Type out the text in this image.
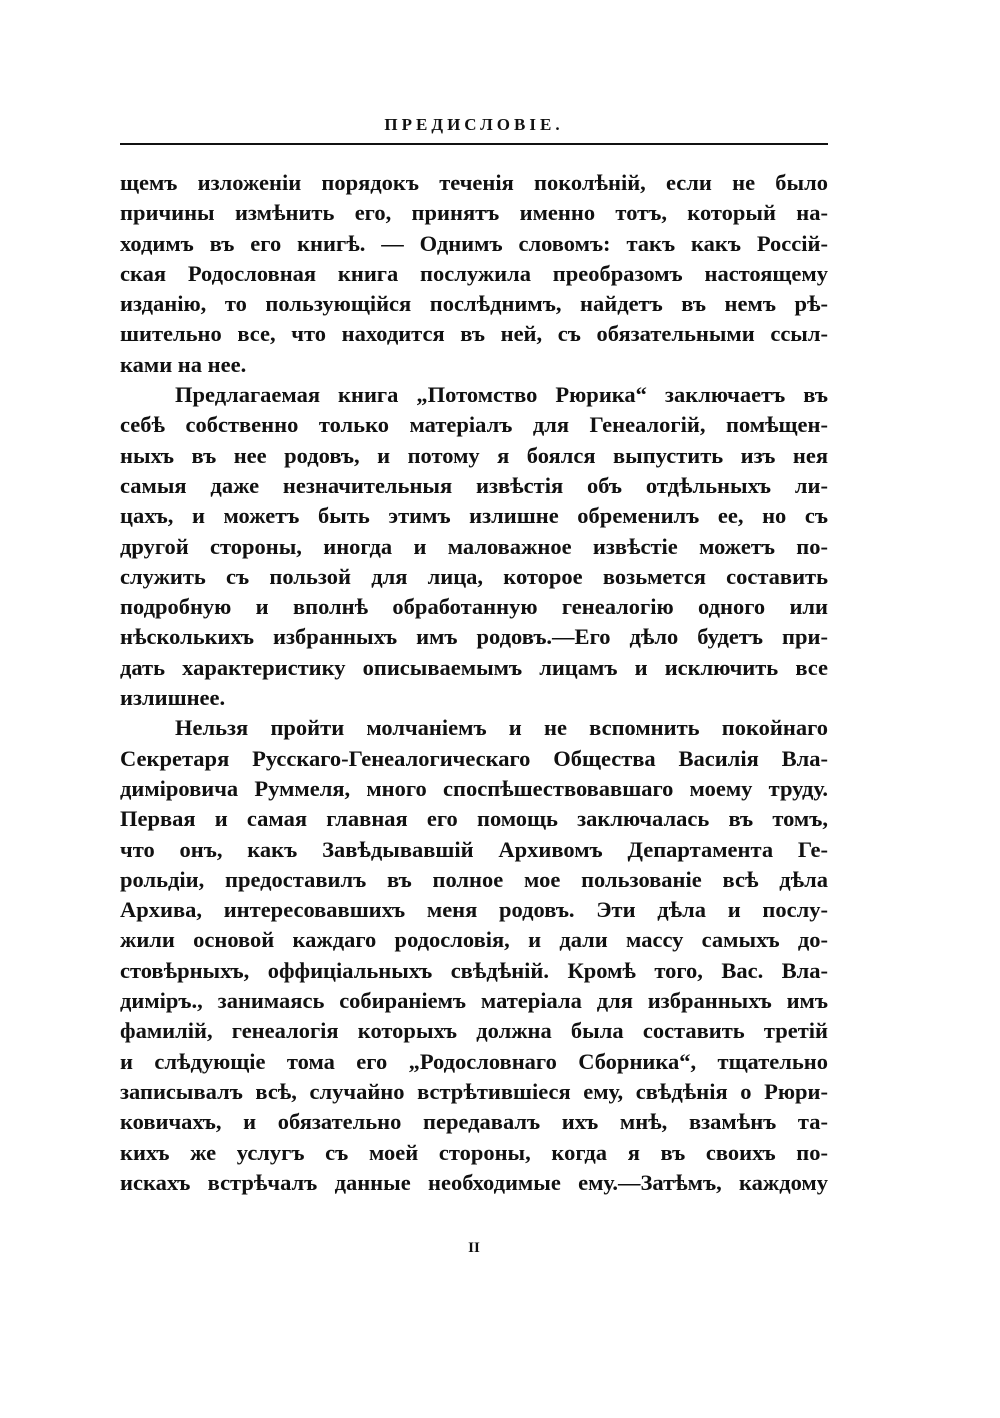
ПРЕДИСЛОВІЕ.
щемъ изложеніи порядокъ теченія поколѣній, если не было
причины измѣнить его, принятъ именно тотъ, который на-
ходимъ въ его книгѣ. — Однимъ словомъ: такъ какъ Россій-
ская Родословная книга послужила преобразомъ настоящему
изданію, то пользующійся послѣднимъ, найдетъ въ немъ рѣ-
шительно все, что находится въ ней, съ обязательными ссыл-
ками на нее.
Предлагаемая книга „Потомство Рюрика“ заключаетъ въ
себѣ собственно только матеріалъ для Генеалогій, помѣщен-
ныхъ въ нее родовъ, и потому я боялся выпустить изъ нея
самыя даже незначительныя извѣстія объ отдѣльныхъ ли-
цахъ, и можетъ быть этимъ излишне обременилъ ее, но съ
другой стороны, иногда и маловажное извѣстіе можетъ по-
служить съ пользой для лица, которое возьмется составить
подробную и вполнѣ обработанную генеалогію одного или
нѣсколькихъ избранныхъ имъ родовъ.—Его дѣло будетъ при-
дать характеристику описываемымъ лицамъ и исключить все
излишнее.
Нельзя пройти молчаніемъ и не вспомнить покойнаго
Секретаря Русскаго-Генеалогическаго Общества Василія Вла-
диміровича Руммеля, много споспѣшествовавшаго моему труду.
Первая и самая главная его помощь заключалась въ томъ,
что онъ, какъ Завѣдывавшій Архивомъ Департамента Ге-
рольдіи, предоставилъ въ полное мое пользованіе всѣ дѣла
Архива, интересовавшихъ меня родовъ. Эти дѣла и послу-
жили основой каждаго родословія, и дали массу самыхъ до-
стовѣрныхъ, оффиціальныхъ свѣдѣній. Кромѣ того, Вас. Вла-
диміръ., занимаясь собираніемъ матеріала для избранныхъ имъ
фамилій, генеалогія которыхъ должна была составить третій
и слѣдующіе тома его „Родословнаго Сборника“, тщательно
записывалъ всѣ, случайно встрѣтившіеся ему, свѣдѣнія о Рюри-
ковичахъ, и обязательно передавалъ ихъ мнѣ, взамѣнъ та-
кихъ же услугъ съ моей стороны, когда я въ своихъ по-
искахъ встрѣчалъ данные необходимые ему.—Затѣмъ, каждому
II
